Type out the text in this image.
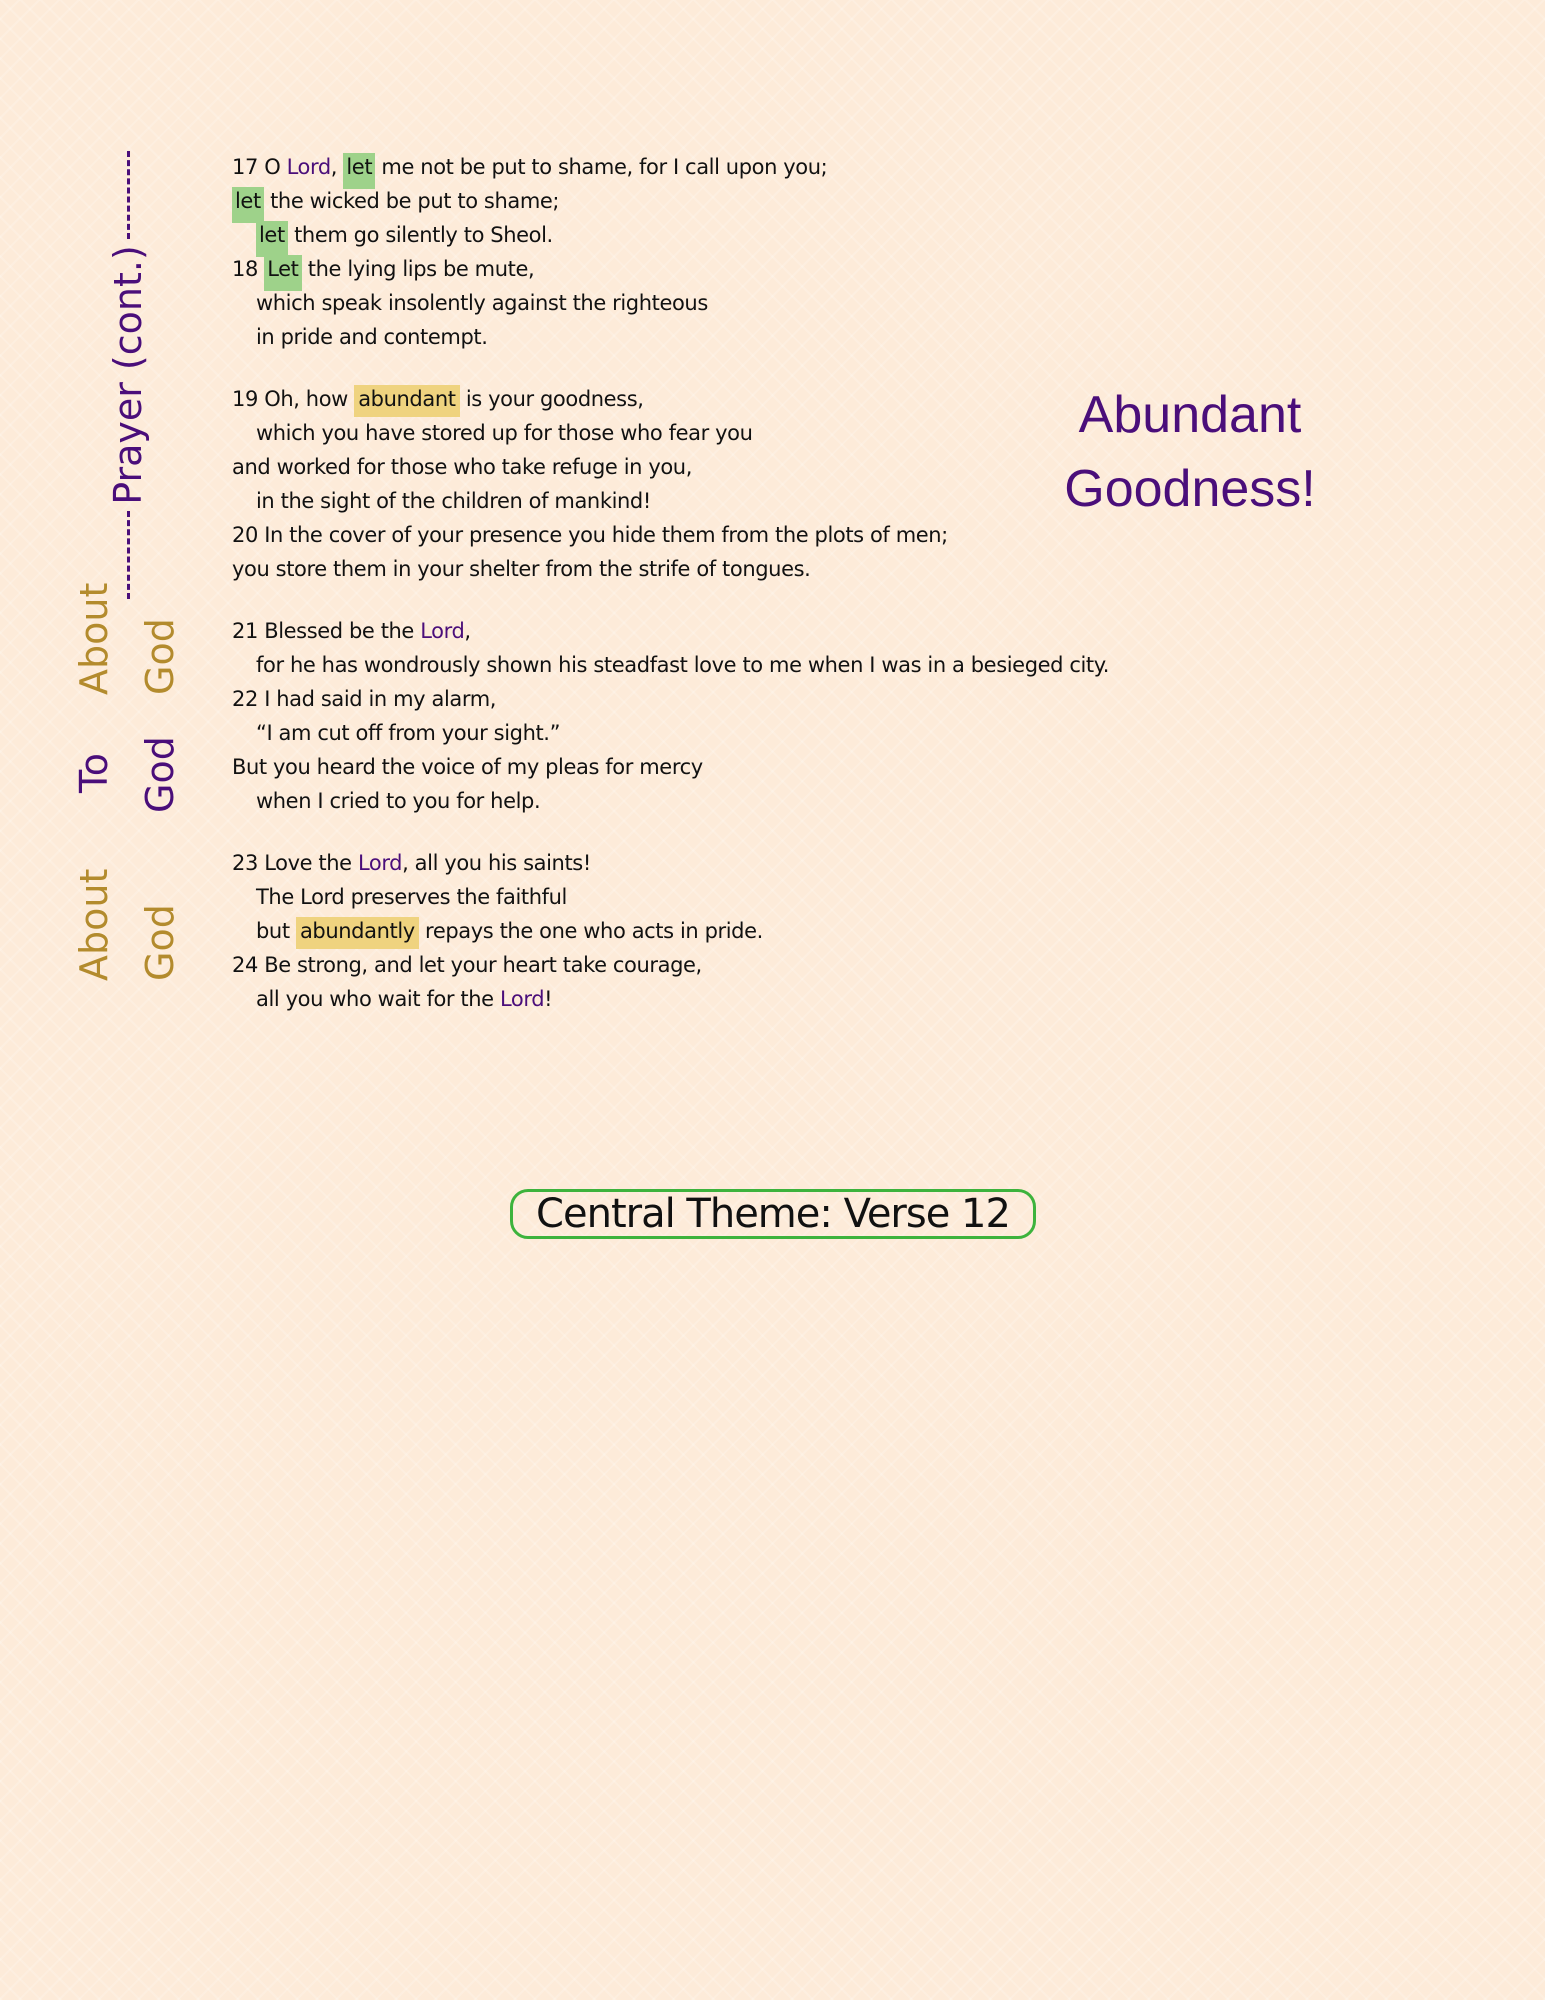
Prayer (cont.)
About God
To God
About God
17 O Lord, let me not be put to shame, for I call upon you;
let the wicked be put to shame;
let them go silently to Sheol.
18 Let the lying lips be mute,
which speak insolently against the righteous
in pride and contempt.
19 Oh, how abundant is your goodness,
which you have stored up for those who fear you
and worked for those who take refuge in you,
in the sight of the children of mankind!
20 In the cover of your presence you hide them from the plots of men;
you store them in your shelter from the strife of tongues.
21 Blessed be the Lord,
for he has wondrously shown his steadfast love to me when I was in a besieged city.
22 I had said in my alarm,
“I am cut off from your sight.”
But you heard the voice of my pleas for mercy
when I cried to you for help.
23 Love the Lord, all you his saints!
The Lord preserves the faithful
but abundantly repays the one who acts in pride.
24 Be strong, and let your heart take courage,
all you who wait for the Lord!
Abundant
Goodness!
Central Theme: Verse 12
